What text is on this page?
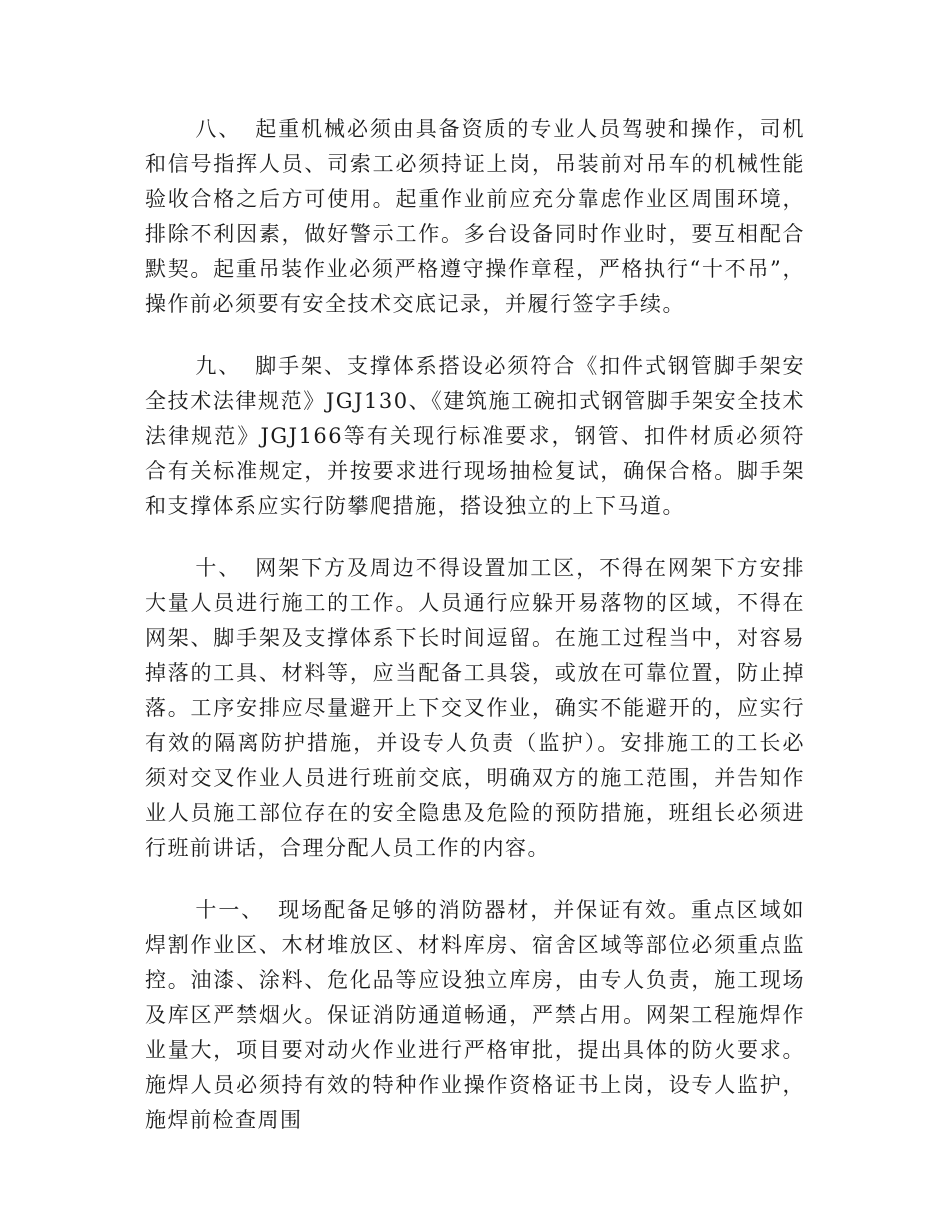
八、 起重机械必须由具备资质的专业人员驾驶和操作，司机和信号指挥人员、司索工必须持证上岗，吊装前对吊车的机械性能验收合格之后方可使用。起重作业前应充分靠虑作业区周围环境，排除不利因素，做好警示工作。多台设备同时作业时，要互相配合默契。起重吊装作业必须严格遵守操作章程，严格执行“十不吊”，操作前必须要有安全技术交底记录，并履行签字手续。

九、 脚手架、支撑体系搭设必须符合《扣件式钢管脚手架安全技术法律规范》JGJ130、《建筑施工碗扣式钢管脚手架安全技术法律规范》JGJ166等有关现行标准要求，钢管、扣件材质必须符合有关标准规定，并按要求进行现场抽检复试，确保合格。脚手架和支撑体系应实行防攀爬措施，搭设独立的上下马道。

十、 网架下方及周边不得设置加工区，不得在网架下方安排大量人员进行施工的工作。人员通行应躲开易落物的区域，不得在网架、脚手架及支撑体系下长时间逗留。在施工过程当中，对容易掉落的工具、材料等，应当配备工具袋，或放在可靠位置，防止掉落。工序安排应尽量避开上下交叉作业，确实不能避开的，应实行有效的隔离防护措施，并设专人负责（监护）。安排施工的工长必须对交叉作业人员进行班前交底，明确双方的施工范围，并告知作业人员施工部位存在的安全隐患及危险的预防措施，班组长必须进行班前讲话，合理分配人员工作的内容。

十一、 现场配备足够的消防器材，并保证有效。重点区域如焊割作业区、木材堆放区、材料库房、宿舍区域等部位必须重点监控。油漆、涂料、危化品等应设独立库房，由专人负责，施工现场及库区严禁烟火。保证消防通道畅通，严禁占用。网架工程施焊作业量大，项目要对动火作业进行严格审批，提出具体的防火要求。施焊人员必须持有效的特种作业操作资格证书上岗，设专人监护，施焊前检查周围
